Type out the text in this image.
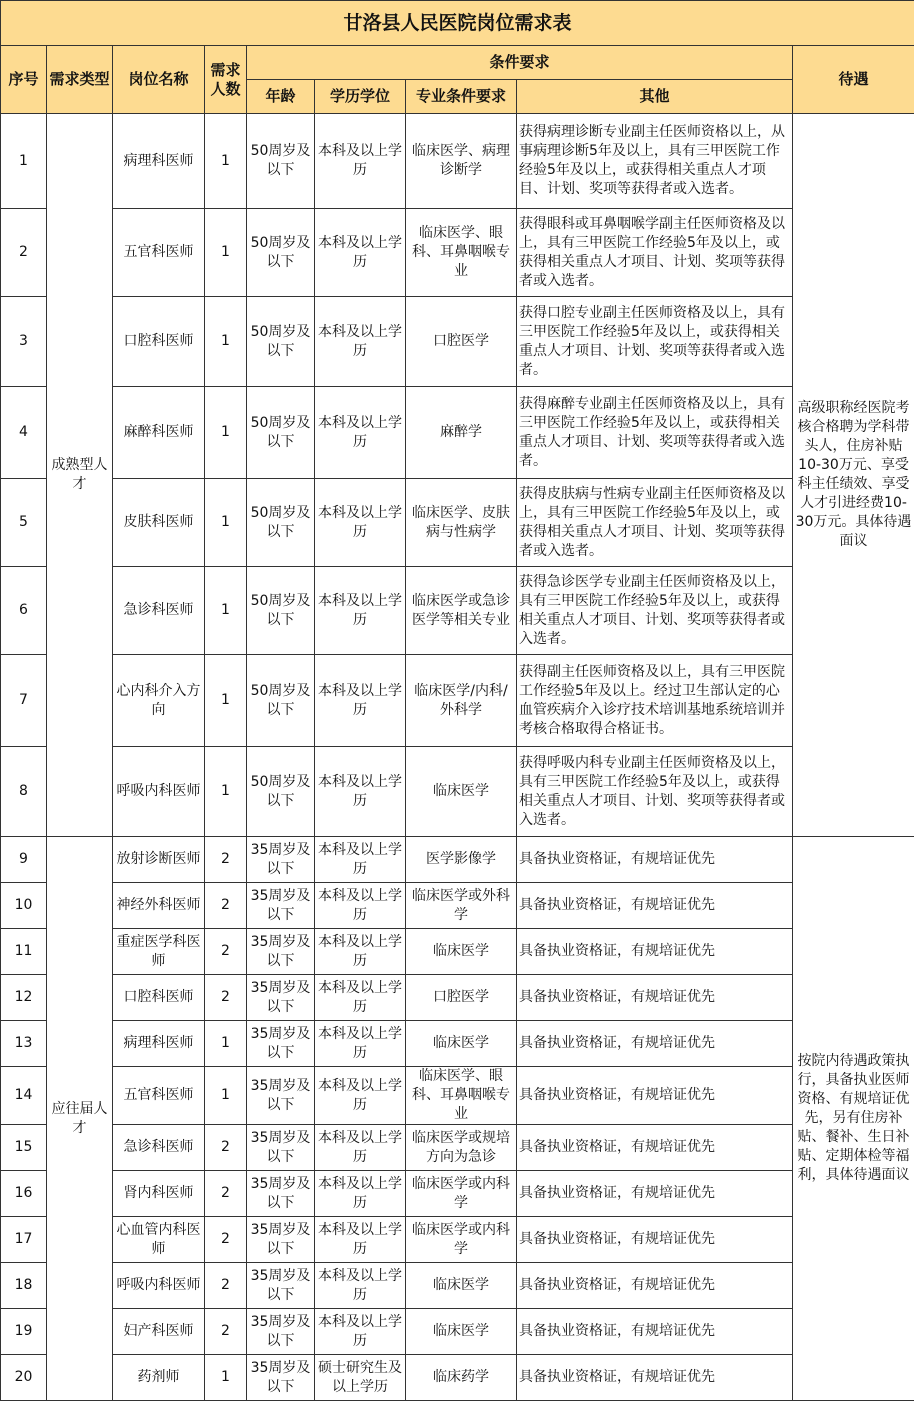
甘洛县人民医院岗位需求表								
序号	需求类型	岗位名称	需求人数	条件要求				待遇
				年龄	学历学位	专业条件要求	其他	
1	成熟型人才	病理科医师	1	50周岁及以下	本科及以上学历	临床医学、病理诊断学	获得病理诊断专业副主任医师资格以上，从事病理诊断5年及以上，具有三甲医院工作经验5年及以上，或获得相关重点人才项目、计划、奖项等获得者或入选者。	高级职称经医院考核合格聘为学科带头人，住房补贴10-30万元、享受科主任绩效、享受人才引进经费10-30万元。具体待遇面议
2		五官科医师	1	50周岁及以下	本科及以上学历	临床医学、眼科、耳鼻咽喉专业	获得眼科或耳鼻咽喉学副主任医师资格及以上，具有三甲医院工作经验5年及以上，或获得相关重点人才项目、计划、奖项等获得者或入选者。	
3		口腔科医师	1	50周岁及以下	本科及以上学历	口腔医学	获得口腔专业副主任医师资格及以上，具有三甲医院工作经验5年及以上，或获得相关重点人才项目、计划、奖项等获得者或入选者。	
4		麻醉科医师	1	50周岁及以下	本科及以上学历	麻醉学	获得麻醉专业副主任医师资格及以上，具有三甲医院工作经验5年及以上，或获得相关重点人才项目、计划、奖项等获得者或入选者。	
5		皮肤科医师	1	50周岁及以下	本科及以上学历	临床医学、皮肤病与性病学	获得皮肤病与性病专业副主任医师资格及以上，具有三甲医院工作经验5年及以上，或获得相关重点人才项目、计划、奖项等获得者或入选者。	
6		急诊科医师	1	50周岁及以下	本科及以上学历	临床医学或急诊医学等相关专业	获得急诊医学专业副主任医师资格及以上，具有三甲医院工作经验5年及以上，或获得相关重点人才项目、计划、奖项等获得者或入选者。	
7		心内科介入方向	1	50周岁及以下	本科及以上学历	临床医学/内科/外科学	获得副主任医师资格及以上，具有三甲医院工作经验5年及以上。经过卫生部认定的心血管疾病介入诊疗技术培训基地系统培训并考核合格取得合格证书。	
8		呼吸内科医师	1	50周岁及以下	本科及以上学历	临床医学	获得呼吸内科专业副主任医师资格及以上，具有三甲医院工作经验5年及以上，或获得相关重点人才项目、计划、奖项等获得者或入选者。	
9	应往届人才	放射诊断医师	2	35周岁及以下	本科及以上学历	医学影像学	具备执业资格证，有规培证优先	按院内待遇政策执行，具备执业医师资格、有规培证优先，另有住房补贴、餐补、生日补贴、定期体检等福利，具体待遇面议
10		神经外科医师	2	35周岁及以下	本科及以上学历	临床医学或外科学	具备执业资格证，有规培证优先	
11		重症医学科医师	2	35周岁及以下	本科及以上学历	临床医学	具备执业资格证，有规培证优先	
12		口腔科医师	2	35周岁及以下	本科及以上学历	口腔医学	具备执业资格证，有规培证优先	
13		病理科医师	1	35周岁及以下	本科及以上学历	临床医学	具备执业资格证，有规培证优先	
14		五官科医师	1	35周岁及以下	本科及以上学历	临床医学、眼科、耳鼻咽喉专业	具备执业资格证，有规培证优先	
15		急诊科医师	2	35周岁及以下	本科及以上学历	临床医学或规培方向为急诊	具备执业资格证，有规培证优先	
16		肾内科医师	2	35周岁及以下	本科及以上学历	临床医学或内科学	具备执业资格证，有规培证优先	
17		心血管内科医师	2	35周岁及以下	本科及以上学历	临床医学或内科学	具备执业资格证，有规培证优先	
18		呼吸内科医师	2	35周岁及以下	本科及以上学历	临床医学	具备执业资格证，有规培证优先	
19		妇产科医师	2	35周岁及以下	本科及以上学历	临床医学	具备执业资格证，有规培证优先	
20		药剂师	1	35周岁及以下	硕士研究生及以上学历	临床药学	具备执业资格证，有规培证优先	
